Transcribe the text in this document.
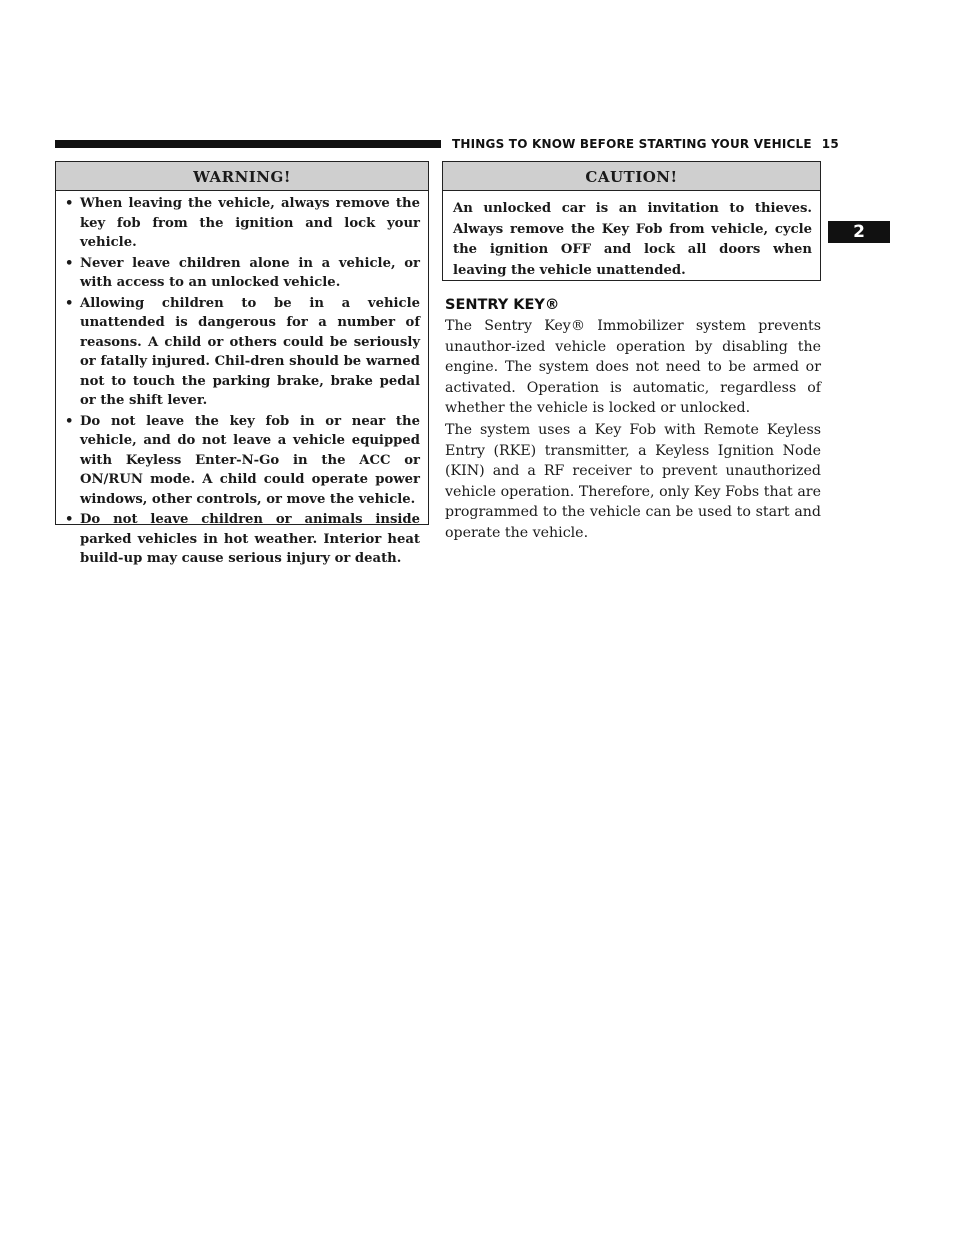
THINGS TO KNOW BEFORE STARTING YOUR VEHICLE 15
2
WARNING!
• When leaving the vehicle, always remove the key fob from the ignition and lock your vehicle.
• Never leave children alone in a vehicle, or with access to an unlocked vehicle.
• Allowing children to be in a vehicle unattended is dangerous for a number of reasons. A child or others could be seriously or fatally injured. Chil-dren should be warned not to touch the parking brake, brake pedal or the shift lever.
• Do not leave the key fob in or near the vehicle, and do not leave a vehicle equipped with Keyless Enter-N-Go in the ACC or ON/RUN mode. A child could operate power windows, other controls, or move the vehicle.
• Do not leave children or animals inside parked vehicles in hot weather. Interior heat build-up may cause serious injury or death.
CAUTION!

An unlocked car is an invitation to thieves. Always remove the Key Fob from vehicle, cycle the ignition OFF and lock all doors when leaving the vehicle unattended.

SENTRY KEY®

The Sentry Key® Immobilizer system prevents unauthor-ized vehicle operation by disabling the engine. The system does not need to be armed or activated. Operation is automatic, regardless of whether the vehicle is locked or unlocked.

The system uses a Key Fob with Remote Keyless Entry (RKE) transmitter, a Keyless Ignition Node (KIN) and a RF receiver to prevent unauthorized vehicle operation. Therefore, only Key Fobs that are programmed to the vehicle can be used to start and operate the vehicle.
